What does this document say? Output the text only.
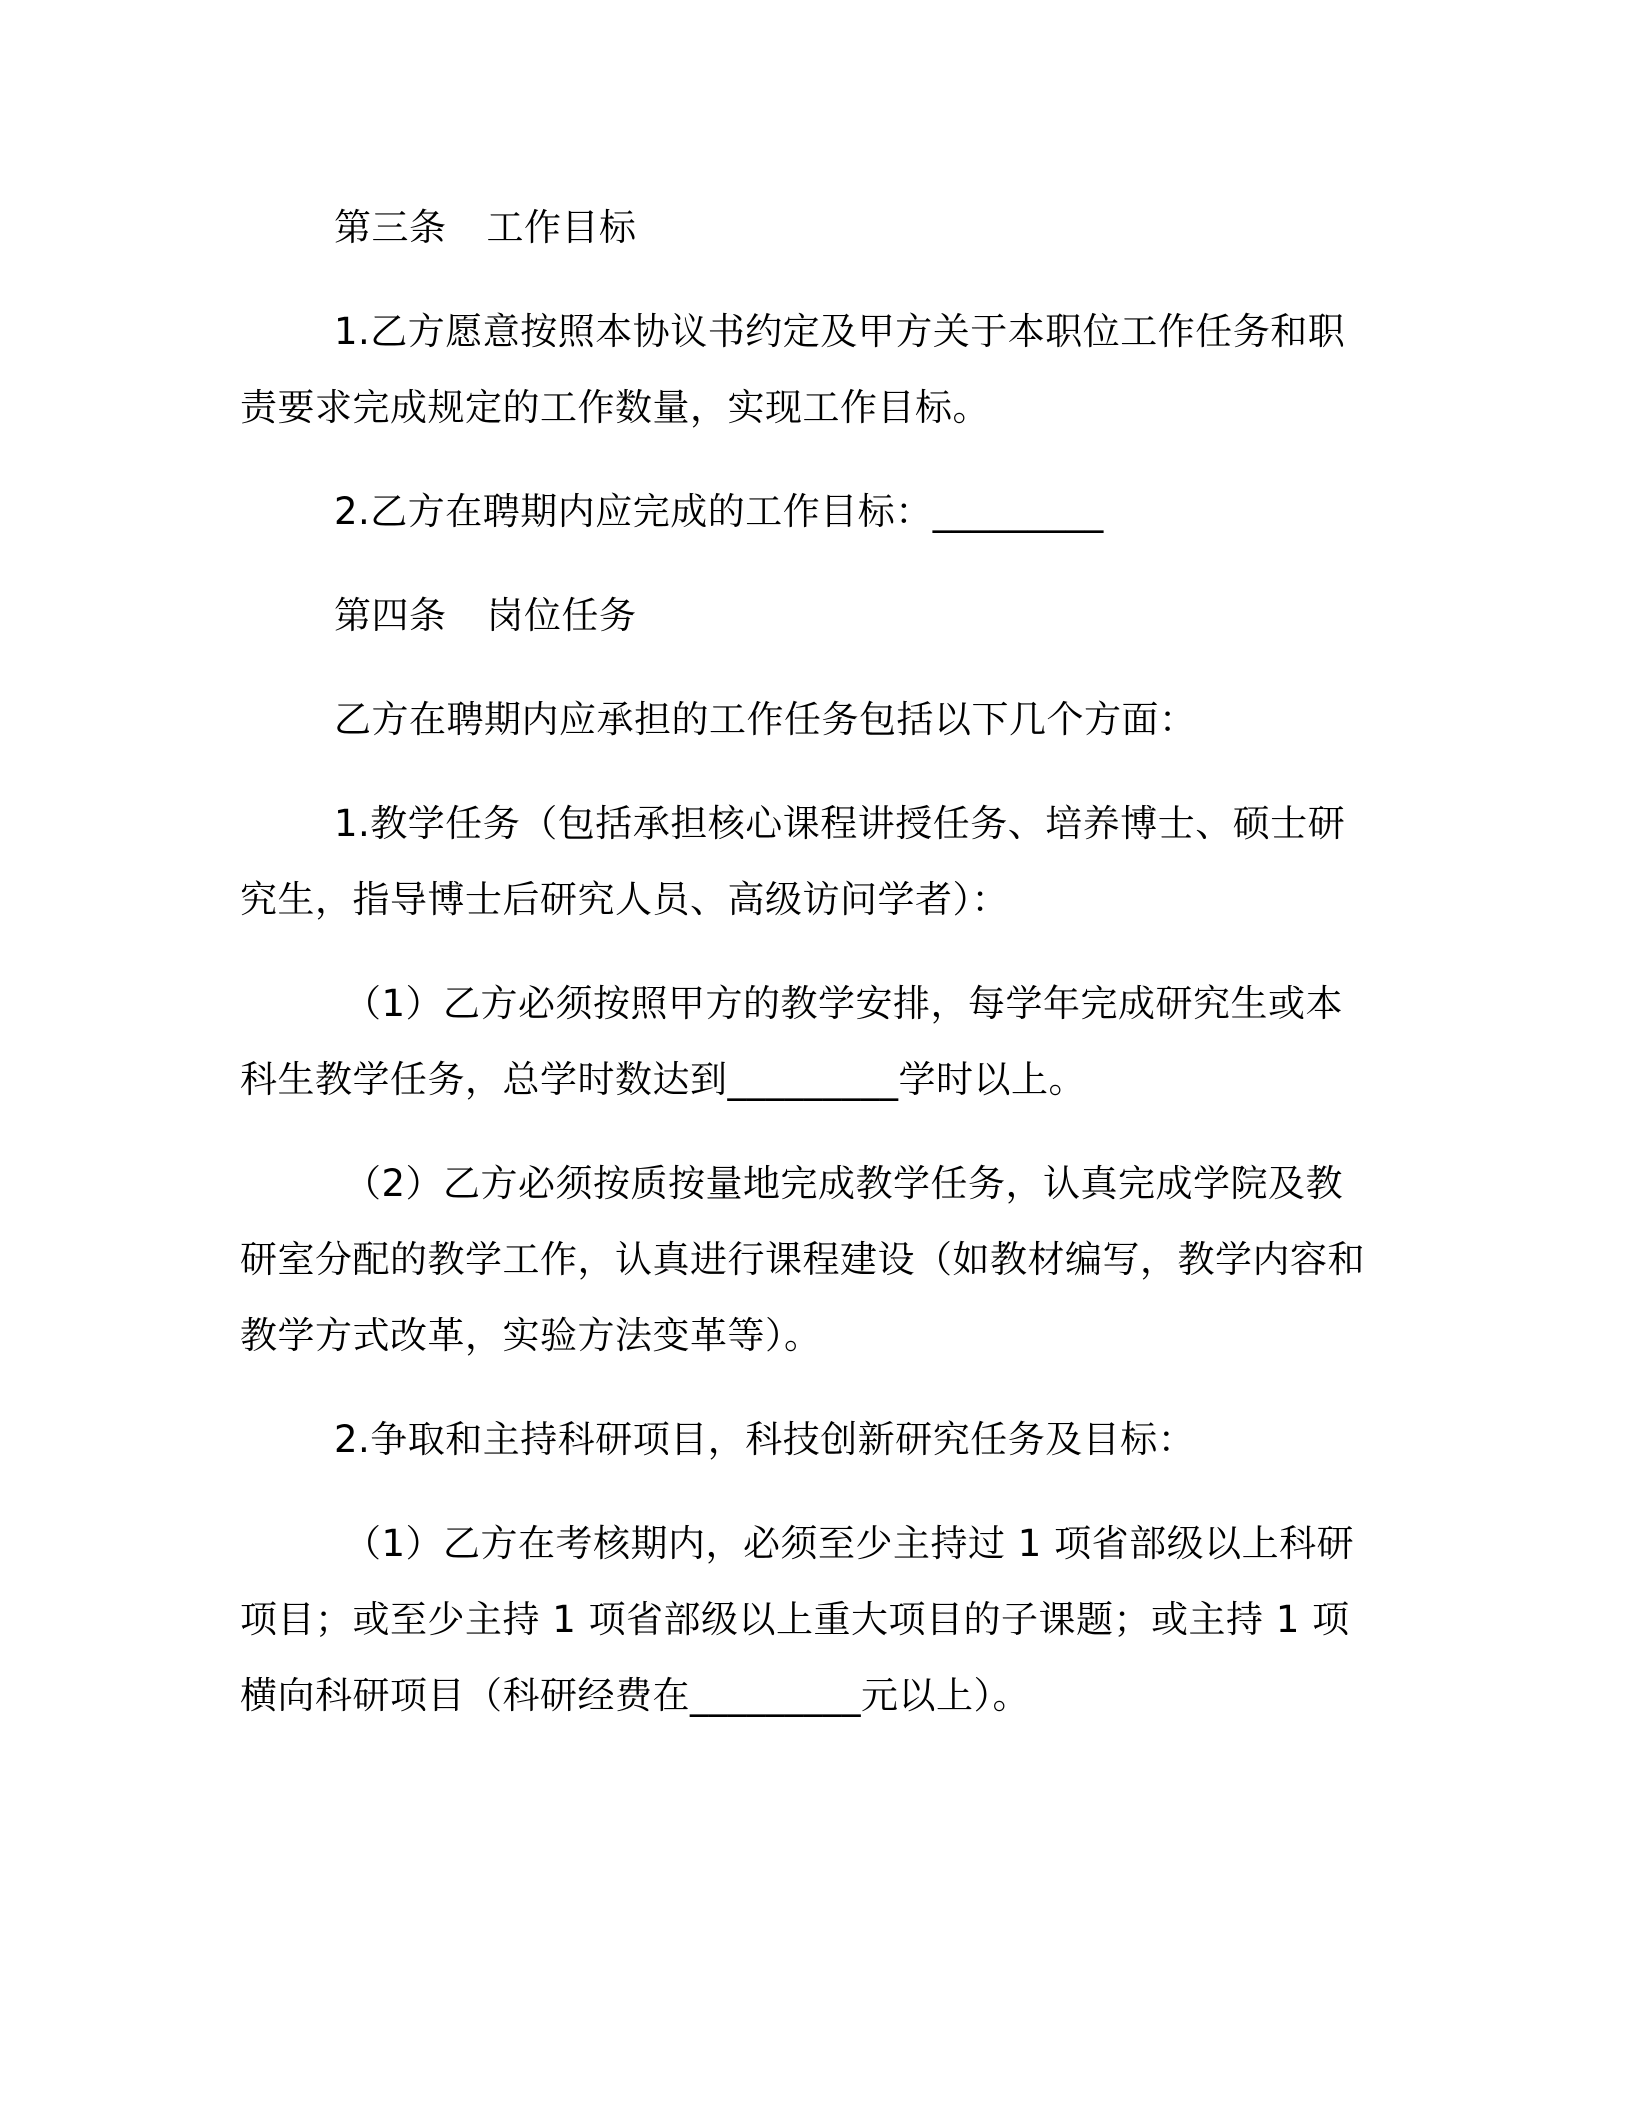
第三条 工作目标

1.乙方愿意按照本协议书约定及甲方关于本职位工作任务和职责要求完成规定的工作数量，实现工作目标。

2.乙方在聘期内应完成的工作目标：_________

第四条 岗位任务

乙方在聘期内应承担的工作任务包括以下几个方面：

1.教学任务（包括承担核心课程讲授任务、培养博士、硕士研究生，指导博士后研究人员、高级访问学者）：

（1）乙方必须按照甲方的教学安排，每学年完成研究生或本科生教学任务，总学时数达到_________学时以上。

（2）乙方必须按质按量地完成教学任务，认真完成学院及教研室分配的教学工作，认真进行课程建设（如教材编写，教学内容和教学方式改革，实验方法变革等）。

2.争取和主持科研项目，科技创新研究任务及目标：

（1）乙方在考核期内，必须至少主持过 1 项省部级以上科研项目；或至少主持 1 项省部级以上重大项目的子课题；或主持 1 项横向科研项目（科研经费在_________元以上）。
